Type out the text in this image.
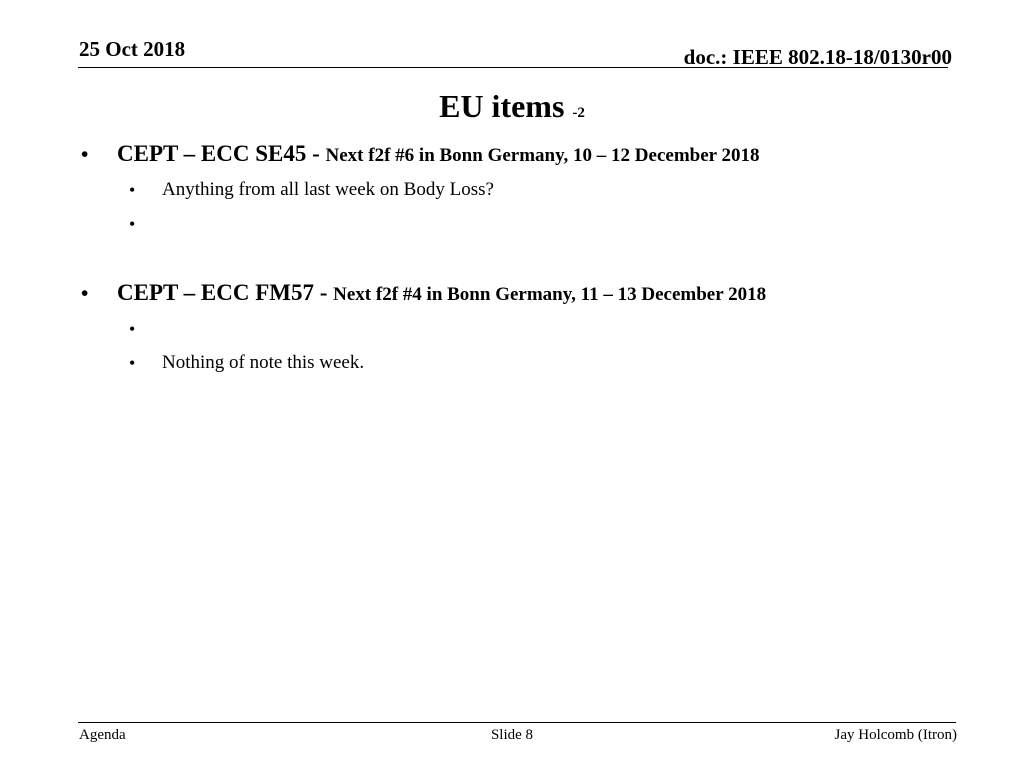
25 Oct 2018	doc.: IEEE 802.18-18/0130r00
EU items -2
• CEPT – ECC SE45 - Next f2f #6 in Bonn Germany, 10 – 12 December 2018
• Anything from all last week on Body Loss?
•
• CEPT – ECC FM57 - Next f2f #4 in Bonn Germany, 11 – 13 December 2018
•
• Nothing of note this week.
Agenda	Slide 8	Jay Holcomb (Itron)
